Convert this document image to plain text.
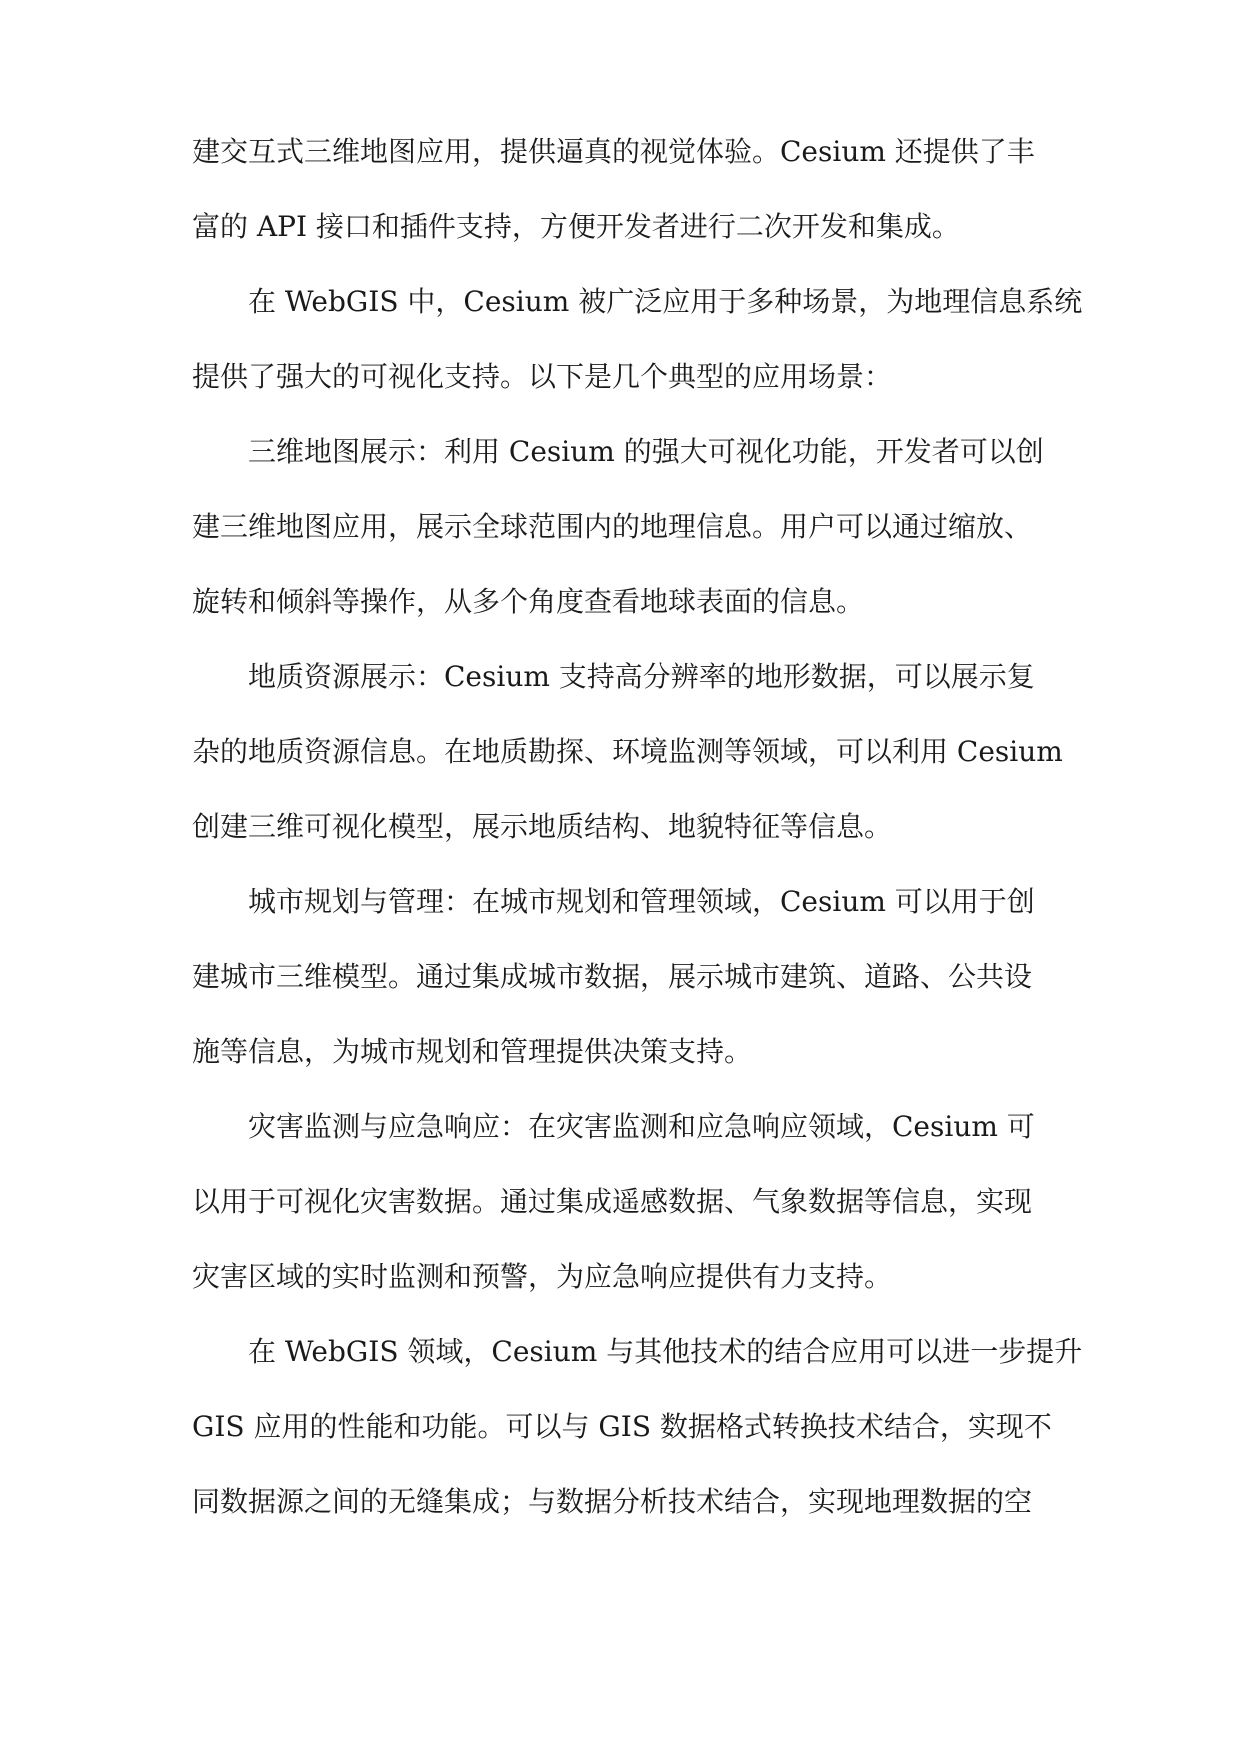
建交互式三维地图应用，提供逼真的视觉体验。Cesium 还提供了丰
富的 API 接口和插件支持，方便开发者进行二次开发和集成。
在 WebGIS 中，Cesium 被广泛应用于多种场景，为地理信息系统
提供了强大的可视化支持。以下是几个典型的应用场景：
三维地图展示：利用 Cesium 的强大可视化功能，开发者可以创
建三维地图应用，展示全球范围内的地理信息。用户可以通过缩放、
旋转和倾斜等操作，从多个角度查看地球表面的信息。
地质资源展示：Cesium 支持高分辨率的地形数据，可以展示复
杂的地质资源信息。在地质勘探、环境监测等领域，可以利用 Cesium
创建三维可视化模型，展示地质结构、地貌特征等信息。
城市规划与管理：在城市规划和管理领域，Cesium 可以用于创
建城市三维模型。通过集成城市数据，展示城市建筑、道路、公共设
施等信息，为城市规划和管理提供决策支持。
灾害监测与应急响应：在灾害监测和应急响应领域，Cesium 可
以用于可视化灾害数据。通过集成遥感数据、气象数据等信息，实现
灾害区域的实时监测和预警，为应急响应提供有力支持。
在 WebGIS 领域，Cesium 与其他技术的结合应用可以进一步提升
GIS 应用的性能和功能。可以与 GIS 数据格式转换技术结合，实现不
同数据源之间的无缝集成；与数据分析技术结合，实现地理数据的空
